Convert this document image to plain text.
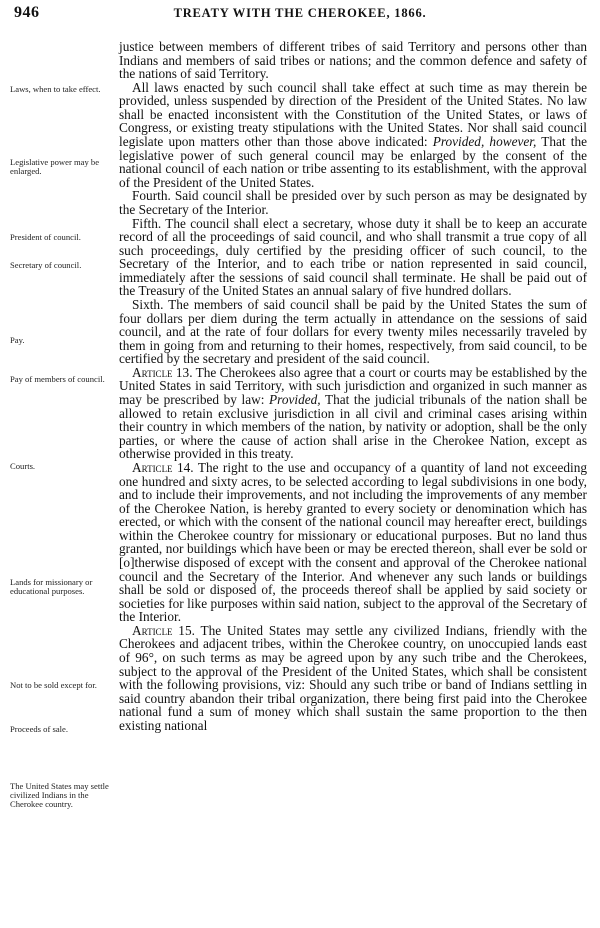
946	TREATY WITH THE CHEROKEE, 1866.
Laws, when to take effect.
Legislative power may be enlarged.
President of council.
Secretary of council.
Pay.
Pay of members of council.
Courts.
Lands for missionary or educational purposes.
Not to be sold except for.
Proceeds of sale.
The United States may settle civilized Indians in the Cherokee country.

justice between members of different tribes of said Territory and persons other than Indians and members of said tribes or nations; and the common defence and safety of the nations of said Territory.

All laws enacted by such council shall take effect at such time as may therein be provided, unless suspended by direction of the President of the United States. No law shall be enacted inconsistent with the Constitution of the United States, or laws of Congress, or existing treaty stipulations with the United States. Nor shall said council legislate upon matters other than those above indicated: Provided, however, That the legislative power of such general council may be enlarged by the consent of the national council of each nation or tribe assenting to its establishment, with the approval of the President of the United States.

Fourth. Said council shall be presided over by such person as may be designated by the Secretary of the Interior.

Fifth. The council shall elect a secretary, whose duty it shall be to keep an accurate record of all the proceedings of said council, and who shall transmit a true copy of all such proceedings, duly certified by the presiding officer of such council, to the Secretary of the Interior, and to each tribe or nation represented in said council, immediately after the sessions of said council shall terminate. He shall be paid out of the Treasury of the United States an annual salary of five hundred dollars.

Sixth. The members of said council shall be paid by the United States the sum of four dollars per diem during the term actually in attendance on the sessions of said council, and at the rate of four dollars for every twenty miles necessarily traveled by them in going from and returning to their homes, respectively, from said council, to be certified by the secretary and president of the said council.

Article 13. The Cherokees also agree that a court or courts may be established by the United States in said Territory, with such jurisdiction and organized in such manner as may be prescribed by law: Provided, That the judicial tribunals of the nation shall be allowed to retain exclusive jurisdiction in all civil and criminal cases arising within their country in which members of the nation, by nativity or adoption, shall be the only parties, or where the cause of action shall arise in the Cherokee Nation, except as otherwise provided in this treaty.

Article 14. The right to the use and occupancy of a quantity of land not exceeding one hundred and sixty acres, to be selected according to legal subdivisions in one body, and to include their improvements, and not including the improvements of any member of the Cherokee Nation, is hereby granted to every society or denomination which has erected, or which with the consent of the national council may hereafter erect, buildings within the Cherokee country for missionary or educational purposes. But no land thus granted, nor buildings which have been or may be erected thereon, shall ever be sold or [o]therwise disposed of except with the consent and approval of the Cherokee national council and the Secretary of the Interior. And whenever any such lands or buildings shall be sold or disposed of, the proceeds thereof shall be applied by said society or societies for like purposes within said nation, subject to the approval of the Secretary of the Interior.

Article 15. The United States may settle any civilized Indians, friendly with the Cherokees and adjacent tribes, within the Cherokee country, on unoccupied lands east of 96°, on such terms as may be agreed upon by any such tribe and the Cherokees, subject to the approval of the President of the United States, which shall be consistent with the following provisions, viz: Should any such tribe or band of Indians settling in said country abandon their tribal organization, there being first paid into the Cherokee national fund a sum of money which shall sustain the same proportion to the then existing national
